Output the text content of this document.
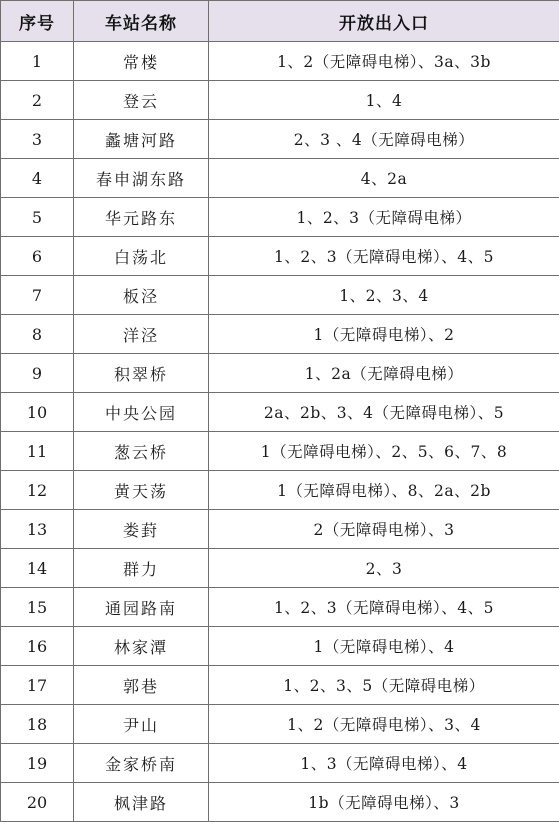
序号	车站名称	开放出入口
1	常楼	1、2（无障碍电梯）、3a、3b
2	登云	1、4
3	蠡塘河路	2、3 、4（无障碍电梯）
4	春申湖东路	4、2a
5	华元路东	1、2、3（无障碍电梯）
6	白荡北	1、2、3（无障碍电梯）、4、5
7	板泾	1、2、3、4
8	洋泾	1（无障碍电梯）、2
9	积翠桥	1、2a（无障碍电梯）
10	中央公园	2a、2b、3、4（无障碍电梯）、5
11	葱云桥	1（无障碍电梯）、2、5、6、7、8
12	黄天荡	1（无障碍电梯）、8、2a、2b
13	娄葑	2（无障碍电梯）、3
14	群力	2、3
15	通园路南	1、2、3（无障碍电梯）、4、5
16	林家潭	1（无障碍电梯）、4
17	郭巷	1、2、3、5（无障碍电梯）
18	尹山	1、2（无障碍电梯）、3、4
19	金家桥南	1、3（无障碍电梯）、4
20	枫津路	1b（无障碍电梯）、3
